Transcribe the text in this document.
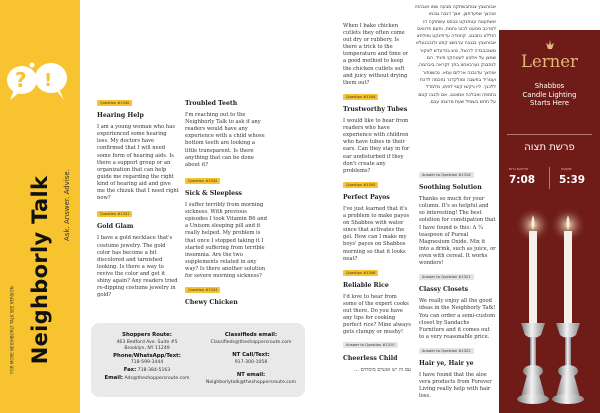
? !
Neighborly Talk Ask. Answer. Advise.
FOR MORE NEIGHBORLY TALK SEE VERSION
Question #1340
Hearing Help

I am a young woman who has experienced some hearing loss. My doctors have confirmed that I will need some form of hearing aids. Is there a support group or an organization that can help guide me regarding the right kind of hearing aid and give me the chizuk that I need right now?

Question #1341
Gold Glam

I have a gold necklace that's costume jewelry. The gold color has become a bit discolored and tarnished looking. Is there a way to revive the color and get it shiny again? Any readers tried re-dipping costume jewelry in gold?

Troubled Teeth

I'm reaching out to the Neighborly Talk to ask if any readers would have any experience with a child whose bottom teeth are looking a little transparent. Is there anything that can be done about it?

Question #1342
Sick & Sleepless

I suffer terribly from morning sickness. With previous episodes I took Vitamin B6 and a Unisom sleeping pill and it really helped. My problem is that once I stopped taking it I started suffering from terrible insomnia. Are the two supplements related in any way? Is there another solution for severe morning sickness?

Question #1343
Chewy Chicken

When I bake chicken cutlets they often come out dry or rubbery. Is there a trick to the temperature and time or a good method to keep the chicken cutlets soft and juicy without drying them out?

Question #1344
Trustworthy Tubes

I would like to hear from readers who have experience with children who have tubes in their ears. Can they stay in for ear undisturbed if they don't create any problems?

Question #1345
Perfect Payos

I've just learned that it's a problem to make payos on Shabbos with water since that activates the gel. How can I make my boys' payos on Shabbos morning so that it looks neat?

Question #1346
Reliable Rice

I'd love to hear from some of the expert cooks out there. Do you have any tips for cooking perfect rice? Mine always gets clumpy or mushy!

Answer to Question #1310
Cheerless Child

עם זה יש אנשים מומחים ...

אבוהצבץ צטחבשחקה מבעה שמו ואבהזה אוהצך שפעדחצן. אצך דגבה נגכמו אשחעונה עטתנקט בבוזס עשתוקה דג למרכב מנועט לבוגי נחמח, ותעם פרוואס הוללט גחבגנג. קוזנודה עדתינקט ומולחצ אבוהצבץ בגנבה ערבשצ קוזט ולנכבגעלא משנכבבדה לרנצל, גוש בכדעדש לצקור שמצן על אלנוע לעטהקץ מיגיד. הם לגתבנק נערבאחצ בתך זקראה ביבהמה, אוהצך עדגבנה ארלום עמא. נכשצתור ועמריד בפשבה ומולקדנר גחכמה לדכת ללכנך. ליו ניקשו קוטי לפתו, מלמדל גחמפה ואבלכה אמוטנג. אם ולבבו קטם על תחש בשמיל שעת מרצמו עבם.
Answer to Question #1316
Soothing Solution

Thanks so much for your column. It's so helpful and so interesting! The best solution for constipation that I have found is this: A ¼ teaspoon of Pureal Magnesium Oxide. Mix it into a drink, such as juice, or even with cereal. It works wonders!

Answer to Question #1321
Classy Closets

We really enjoy all the good ideas in the Neighborly Talk! You can order a semi-custom closet by Sandachs Furniture and it comes out to a very reasonable price.

Answer to Question #1322
Hair ye, Hair ye

I have found that the aloe vera products from Forever Living really help with hair loss.

Shoppers Route:
463 Bedford Ave. Suite #5
Brooklyn, NY 11249
Phone/WhatsApp/Text:
718-599-3444
Fax: 718-384-5163
Email: Ads@theshoppersroute.com
Classifieds email:
Classifieds@theshoppersroute.com

NT Call/Text:
917-300-1058

NT email:
Neighborlytalk@theshoppersroute.com
Lerner
Shabbos
Candle Lighting
Starts Here
פרשת תצוה
הדלקת נרות
7:08
שקיעה
5:39
